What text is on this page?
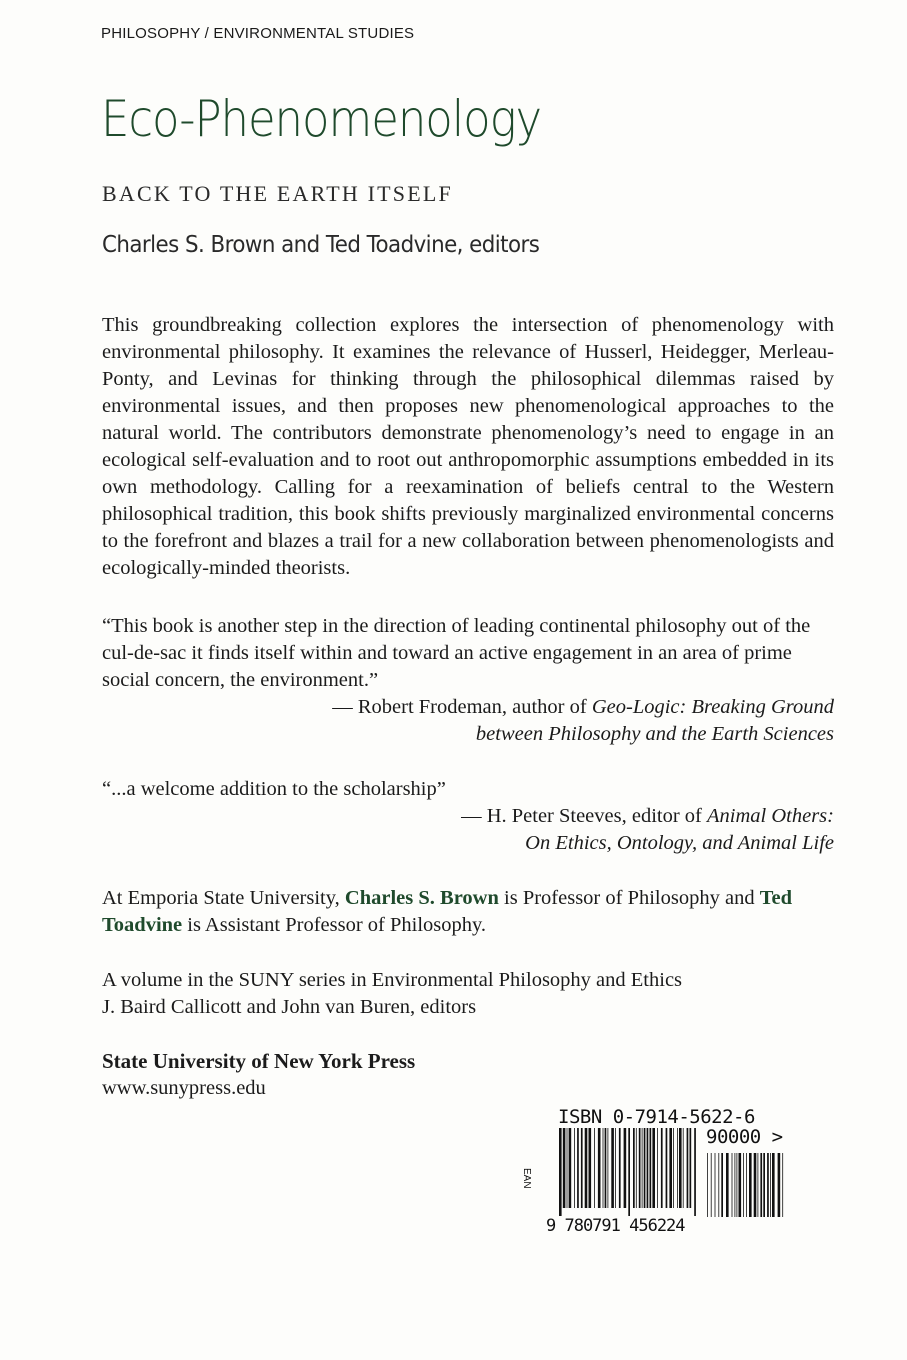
PHILOSOPHY / ENVIRONMENTAL STUDIES
Eco-Phenomenology
BACK TO THE EARTH ITSELF
Charles S. Brown and Ted Toadvine, editors

This groundbreaking collection explores the intersection of phenomenology with environmental philosophy. It examines the relevance of Husserl, Heidegger, Merleau-Ponty, and Levinas for thinking through the philosophical dilemmas raised by environmental issues, and then proposes new phenomenological approaches to the natural world. The contributors demonstrate phenomenology’s need to engage in an ecological self-evaluation and to root out anthropomorphic assumptions embedded in its own methodology. Calling for a reexamination of beliefs central to the Western philosophical tradition, this book shifts previously marginalized environmental concerns to the forefront and blazes a trail for a new collaboration between phenomenologists and ecologically-minded theorists.

“This book is another step in the direction of leading continental philosophy out of the cul-de-sac it finds itself within and toward an active engagement in an area of prime social concern, the environment.”
— Robert Frodeman, author of Geo-Logic: Breaking Ground
between Philosophy and the Earth Sciences
“...a welcome addition to the scholarship”
— H. Peter Steeves, editor of Animal Others:
On Ethics, Ontology, and Animal Life

At Emporia State University, Charles S. Brown is Professor of Philosophy and Ted Toadvine is Assistant Professor of Philosophy.

A volume in the SUNY series in Environmental Philosophy and Ethics
J. Baird Callicott and John van Buren, editors

State University of New York Press
www.sunypress.edu
ISBN 0-7914-5622-6
90000 >
EAN
9 780791 456224
